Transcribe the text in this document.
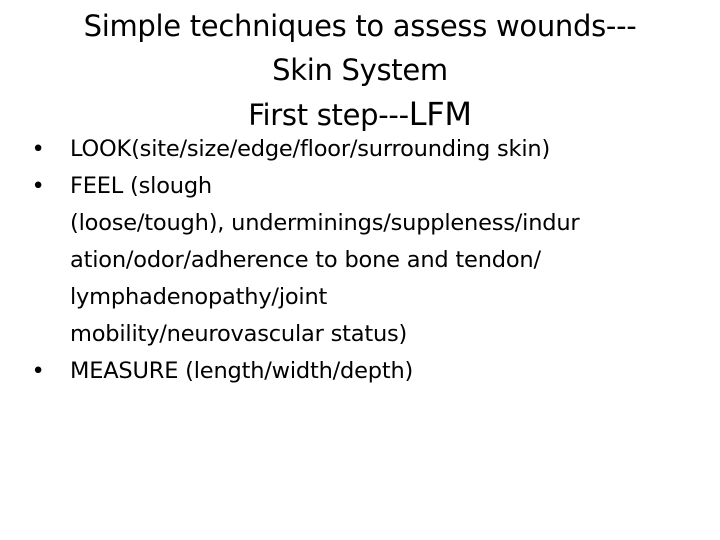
Simple techniques to assess wounds---
Skin System
First step---LFM
• LOOK(site/size/edge/floor/surrounding skin)
• FEEL (slough
(loose/tough), underminings/suppleness/indur
ation/odor/adherence to bone and tendon/
lymphadenopathy/joint
mobility/neurovascular status)
• MEASURE (length/width/depth)
